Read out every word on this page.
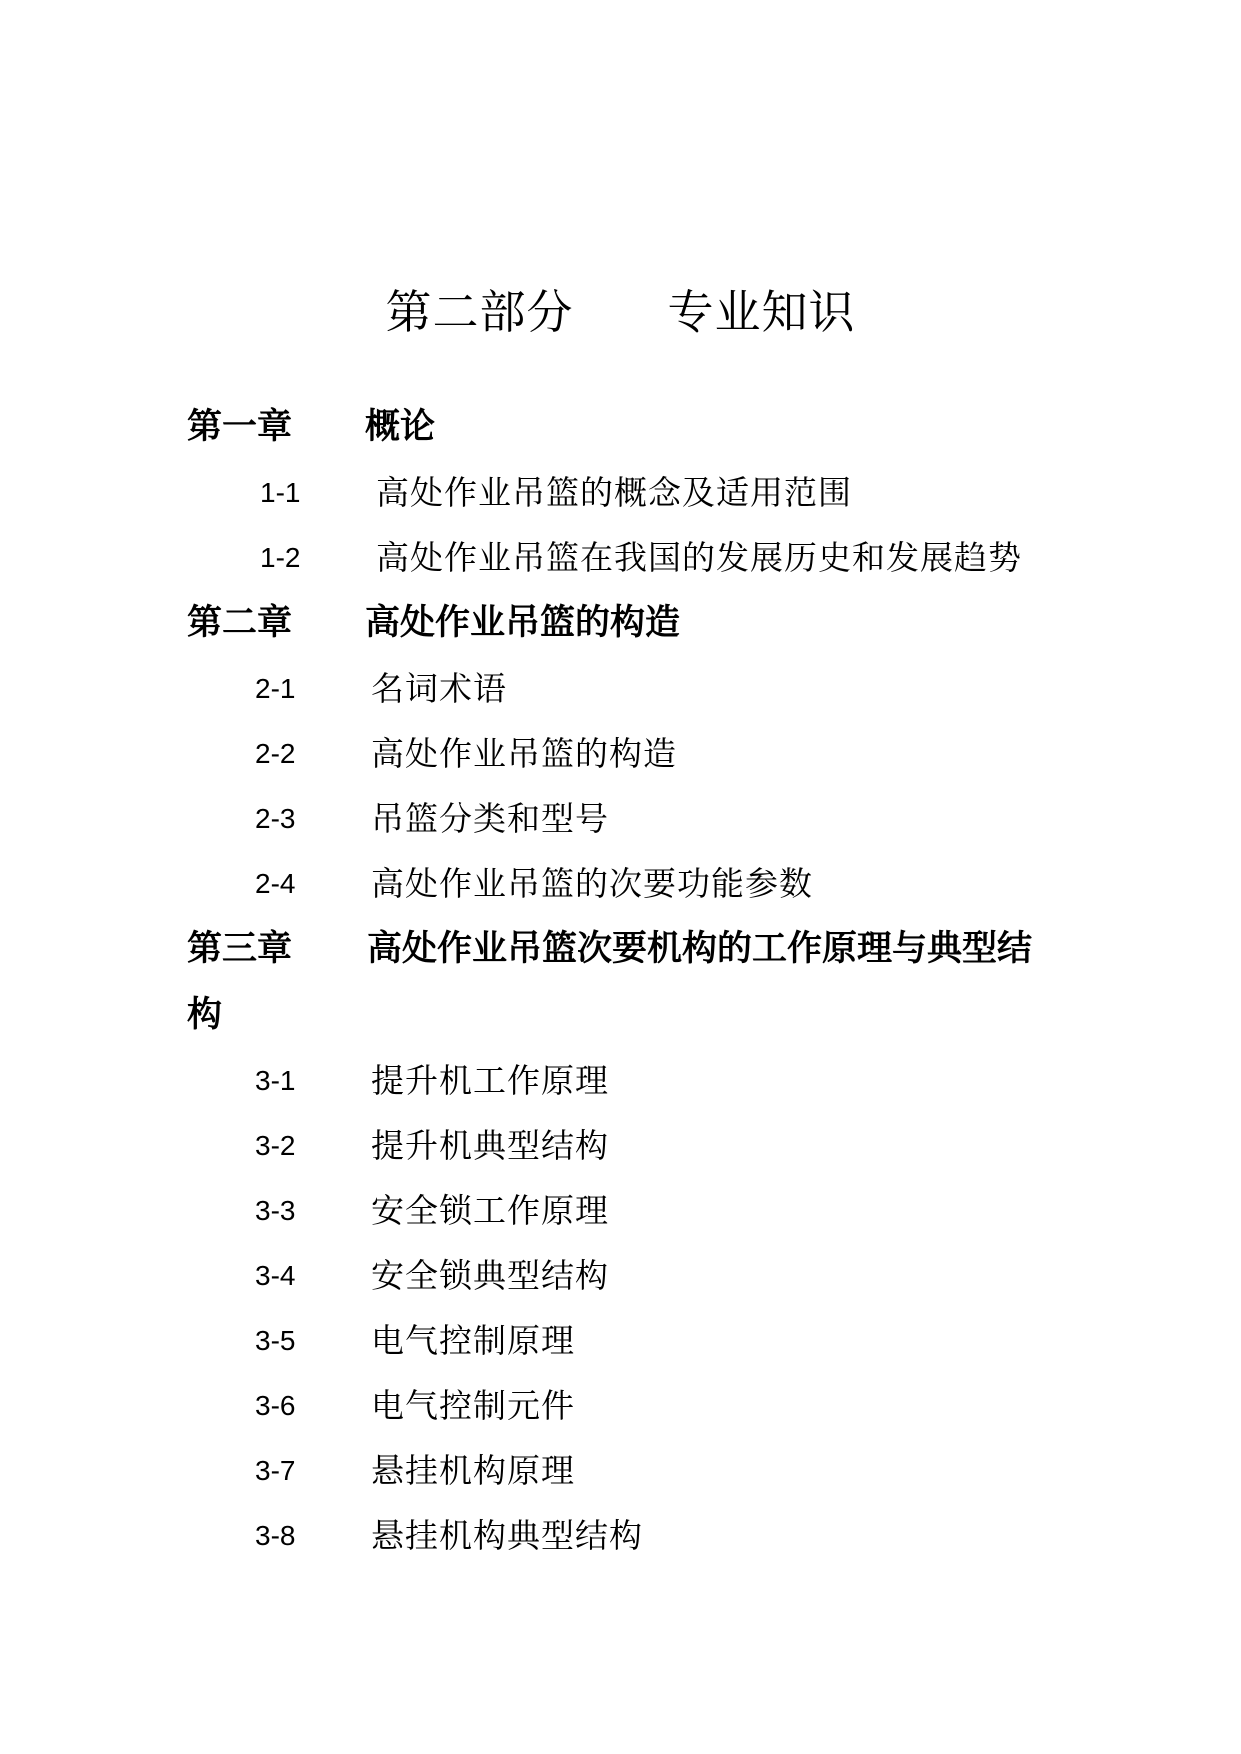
第二部分　　专业知识
第一章 概论
1-1 高处作业吊篮的概念及适用范围
1-2 高处作业吊篮在我国的发展历史和发展趋势
第二章 高处作业吊篮的构造
2-1 名词术语
2-2 高处作业吊篮的构造
2-3 吊篮分类和型号
2-4 高处作业吊篮的次要功能参数
第三章	高处作业吊篮次要机构的工作原理与典型结构
3-1 提升机工作原理
3-2 提升机典型结构
3-3 安全锁工作原理
3-4 安全锁典型结构
3-5 电气控制原理
3-6 电气控制元件
3-7 悬挂机构原理
3-8 悬挂机构典型结构
